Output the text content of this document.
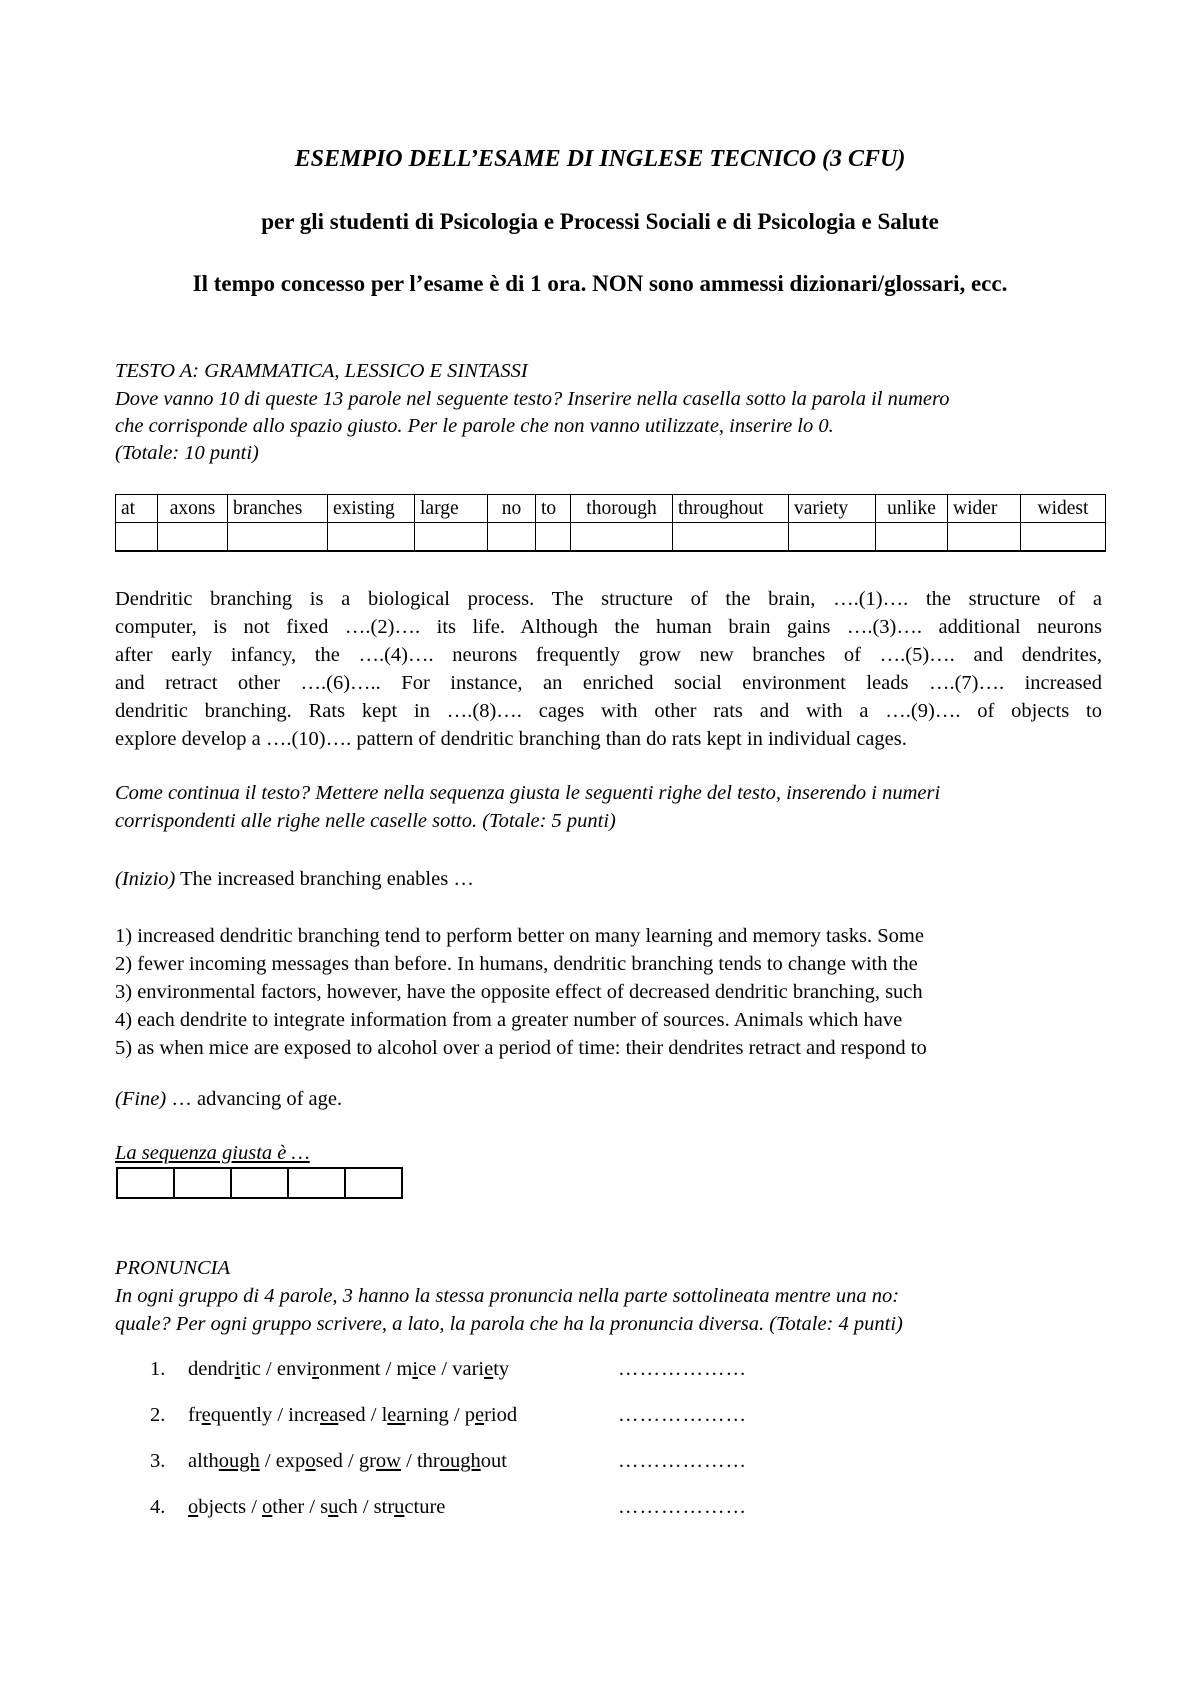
ESEMPIO DELL’ESAME DI INGLESE TECNICO (3 CFU)
per gli studenti di Psicologia e Processi Sociali e di Psicologia e Salute
Il tempo concesso per l’esame è di 1 ora. NON sono ammessi dizionari/glossari, ecc.
TESTO A: GRAMMATICA, LESSICO E SINTASSI
Dove vanno 10 di queste 13 parole nel seguente testo? Inserire nella casella sotto la parola il numero
che corrisponde allo spazio giusto. Per le parole che non vanno utilizzate, inserire lo 0.
(Totale: 10 punti)
at	axons	branches	existing	large	no	to	thorough	throughout	variety	unlike	wider	widest

Dendritic branching is a biological process. The structure of the brain, ….(1)…. the structure of a
computer, is not fixed ….(2)…. its life. Although the human brain gains ….(3)…. additional neurons
after early infancy, the ….(4)…. neurons frequently grow new branches of ….(5)…. and dendrites,
and retract other ….(6)….. For instance, an enriched social environment leads ….(7)…. increased
dendritic branching. Rats kept in ….(8)…. cages with other rats and with a ….(9)…. of objects to
explore develop a ….(10)…. pattern of dendritic branching than do rats kept in individual cages.
Come continua il testo? Mettere nella sequenza giusta le seguenti righe del testo, inserendo i numeri
corrispondenti alle righe nelle caselle sotto. (Totale: 5 punti)
(Inizio) The increased branching enables …
1) increased dendritic branching tend to perform better on many learning and memory tasks. Some
2) fewer incoming messages than before. In humans, dendritic branching tends to change with the
3) environmental factors, however, have the opposite effect of decreased dendritic branching, such
4) each dendrite to integrate information from a greater number of sources. Animals which have
5) as when mice are exposed to alcohol over a period of time: their dendrites retract and respond to
(Fine) … advancing of age.
La sequenza giusta è …
PRONUNCIA
In ogni gruppo di 4 parole, 3 hanno la stessa pronuncia nella parte sottolineata mentre una no:
quale? Per ogni gruppo scrivere, a lato, la parola che ha la pronuncia diversa. (Totale: 4 punti)
1.	dendritic / environment / mice / variety	………………
2.	frequently / increased / learning / period	………………
3.	although / exposed / grow / throughout	………………
4.	objects / other / such / structure	………………
